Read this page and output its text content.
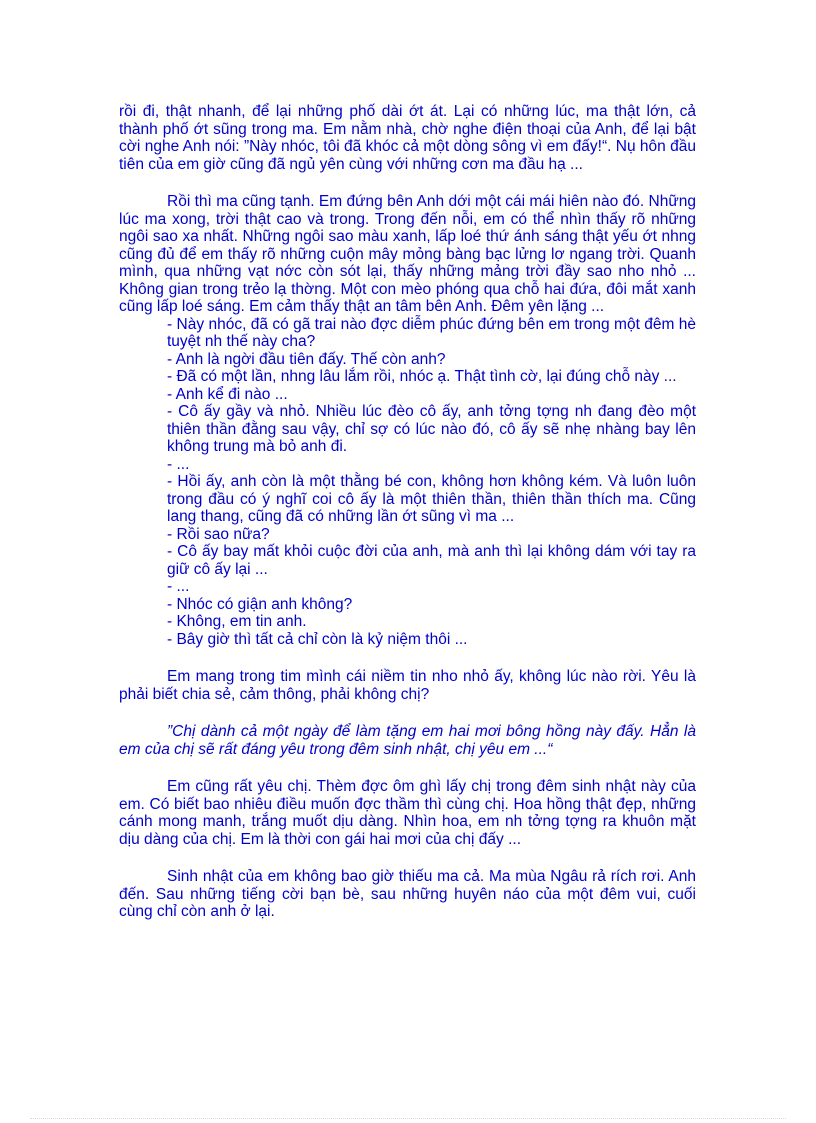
rồi đi, thật nhanh, để lại những phố dài ớt át. Lại có những lúc, ma thật lớn, cả thành phố ớt sũng trong ma. Em nằm nhà, chờ nghe điện thoại của Anh, để lại bật cời nghe Anh nói: ”Này nhóc, tôi đã khóc cả một dòng sông vì em đấy!“. Nụ hôn đầu tiên của em giờ cũng đã ngủ yên cùng với những cơn ma đầu hạ ...

Rồi thì ma cũng tạnh. Em đứng bên Anh dới một cái mái hiên nào đó. Những lúc ma xong, trời thật cao và trong. Trong đến nỗi, em có thể nhìn thấy rõ những ngôi sao xa nhất. Những ngôi sao màu xanh, lấp loé thứ ánh sáng thật yếu ớt nhng cũng đủ để em thấy rõ những cuộn mây mỏng bàng bạc lửng lơ ngang trời. Quanh mình, qua những vạt nớc còn sót lại, thấy những mảng trời đầy sao nho nhỏ ... Không gian trong trẻo lạ thờng. Một con mèo phóng qua chỗ hai đứa, đôi mắt xanh cũng lấp loé sáng. Em cảm thấy thật an tâm bên Anh. Đêm yên lặng ...

- Này nhóc, đã có gã trai nào đợc diễm phúc đứng bên em trong một đêm hè tuyệt nh thế này cha?

- Anh là ngời đầu tiên đấy. Thế còn anh?

- Đã có một lần, nhng lâu lắm rồi, nhóc ạ. Thật tình cờ, lại đúng chỗ này ...

- Anh kể đi nào ...

- Cô ấy gầy và nhỏ. Nhiều lúc đèo cô ấy, anh tởng tợng nh đang đèo một thiên thần đằng sau vậy, chỉ sợ có lúc nào đó, cô ấy sẽ nhẹ nhàng bay lên không trung mà bỏ anh đi.

- ...

- Hồi ấy, anh còn là một thằng bé con, không hơn không kém. Và luôn luôn trong đầu có ý nghĩ coi cô ấy là một thiên thần, thiên thần thích ma. Cũng lang thang, cũng đã có những lần ớt sũng vì ma ...

- Rồi sao nữa?

- Cô ấy bay mất khỏi cuộc đời của anh, mà anh thì lại không dám với tay ra giữ cô ấy lại ...

- ...

- Nhóc có giận anh không?

- Không, em tin anh.

- Bây giờ thì tất cả chỉ còn là kỷ niệm thôi ...

Em mang trong tim mình cái niềm tin nho nhỏ ấy, không lúc nào rời. Yêu là phải biết chia sẻ, cảm thông, phải không chị?

”Chị dành cả một ngày để làm tặng em hai mơi bông hồng này đấy. Hẳn là em của chị sẽ rất đáng yêu trong đêm sinh nhật, chị yêu em ...“

Em cũng rất yêu chị. Thèm đợc ôm ghì lấy chị trong đêm sinh nhật này của em. Có biết bao nhiêu điều muốn đợc thầm thì cùng chị. Hoa hồng thật đẹp, những cánh mong manh, trắng muốt dịu dàng. Nhìn hoa, em nh tởng tợng ra khuôn mặt dịu dàng của chị. Em là thời con gái hai mơi của chị đấy ...

Sinh nhật của em không bao giờ thiếu ma cả. Ma mùa Ngâu rả rích rơi. Anh đến. Sau những tiếng cời bạn bè, sau những huyên náo của một đêm vui, cuối cùng chỉ còn anh ở lại.
